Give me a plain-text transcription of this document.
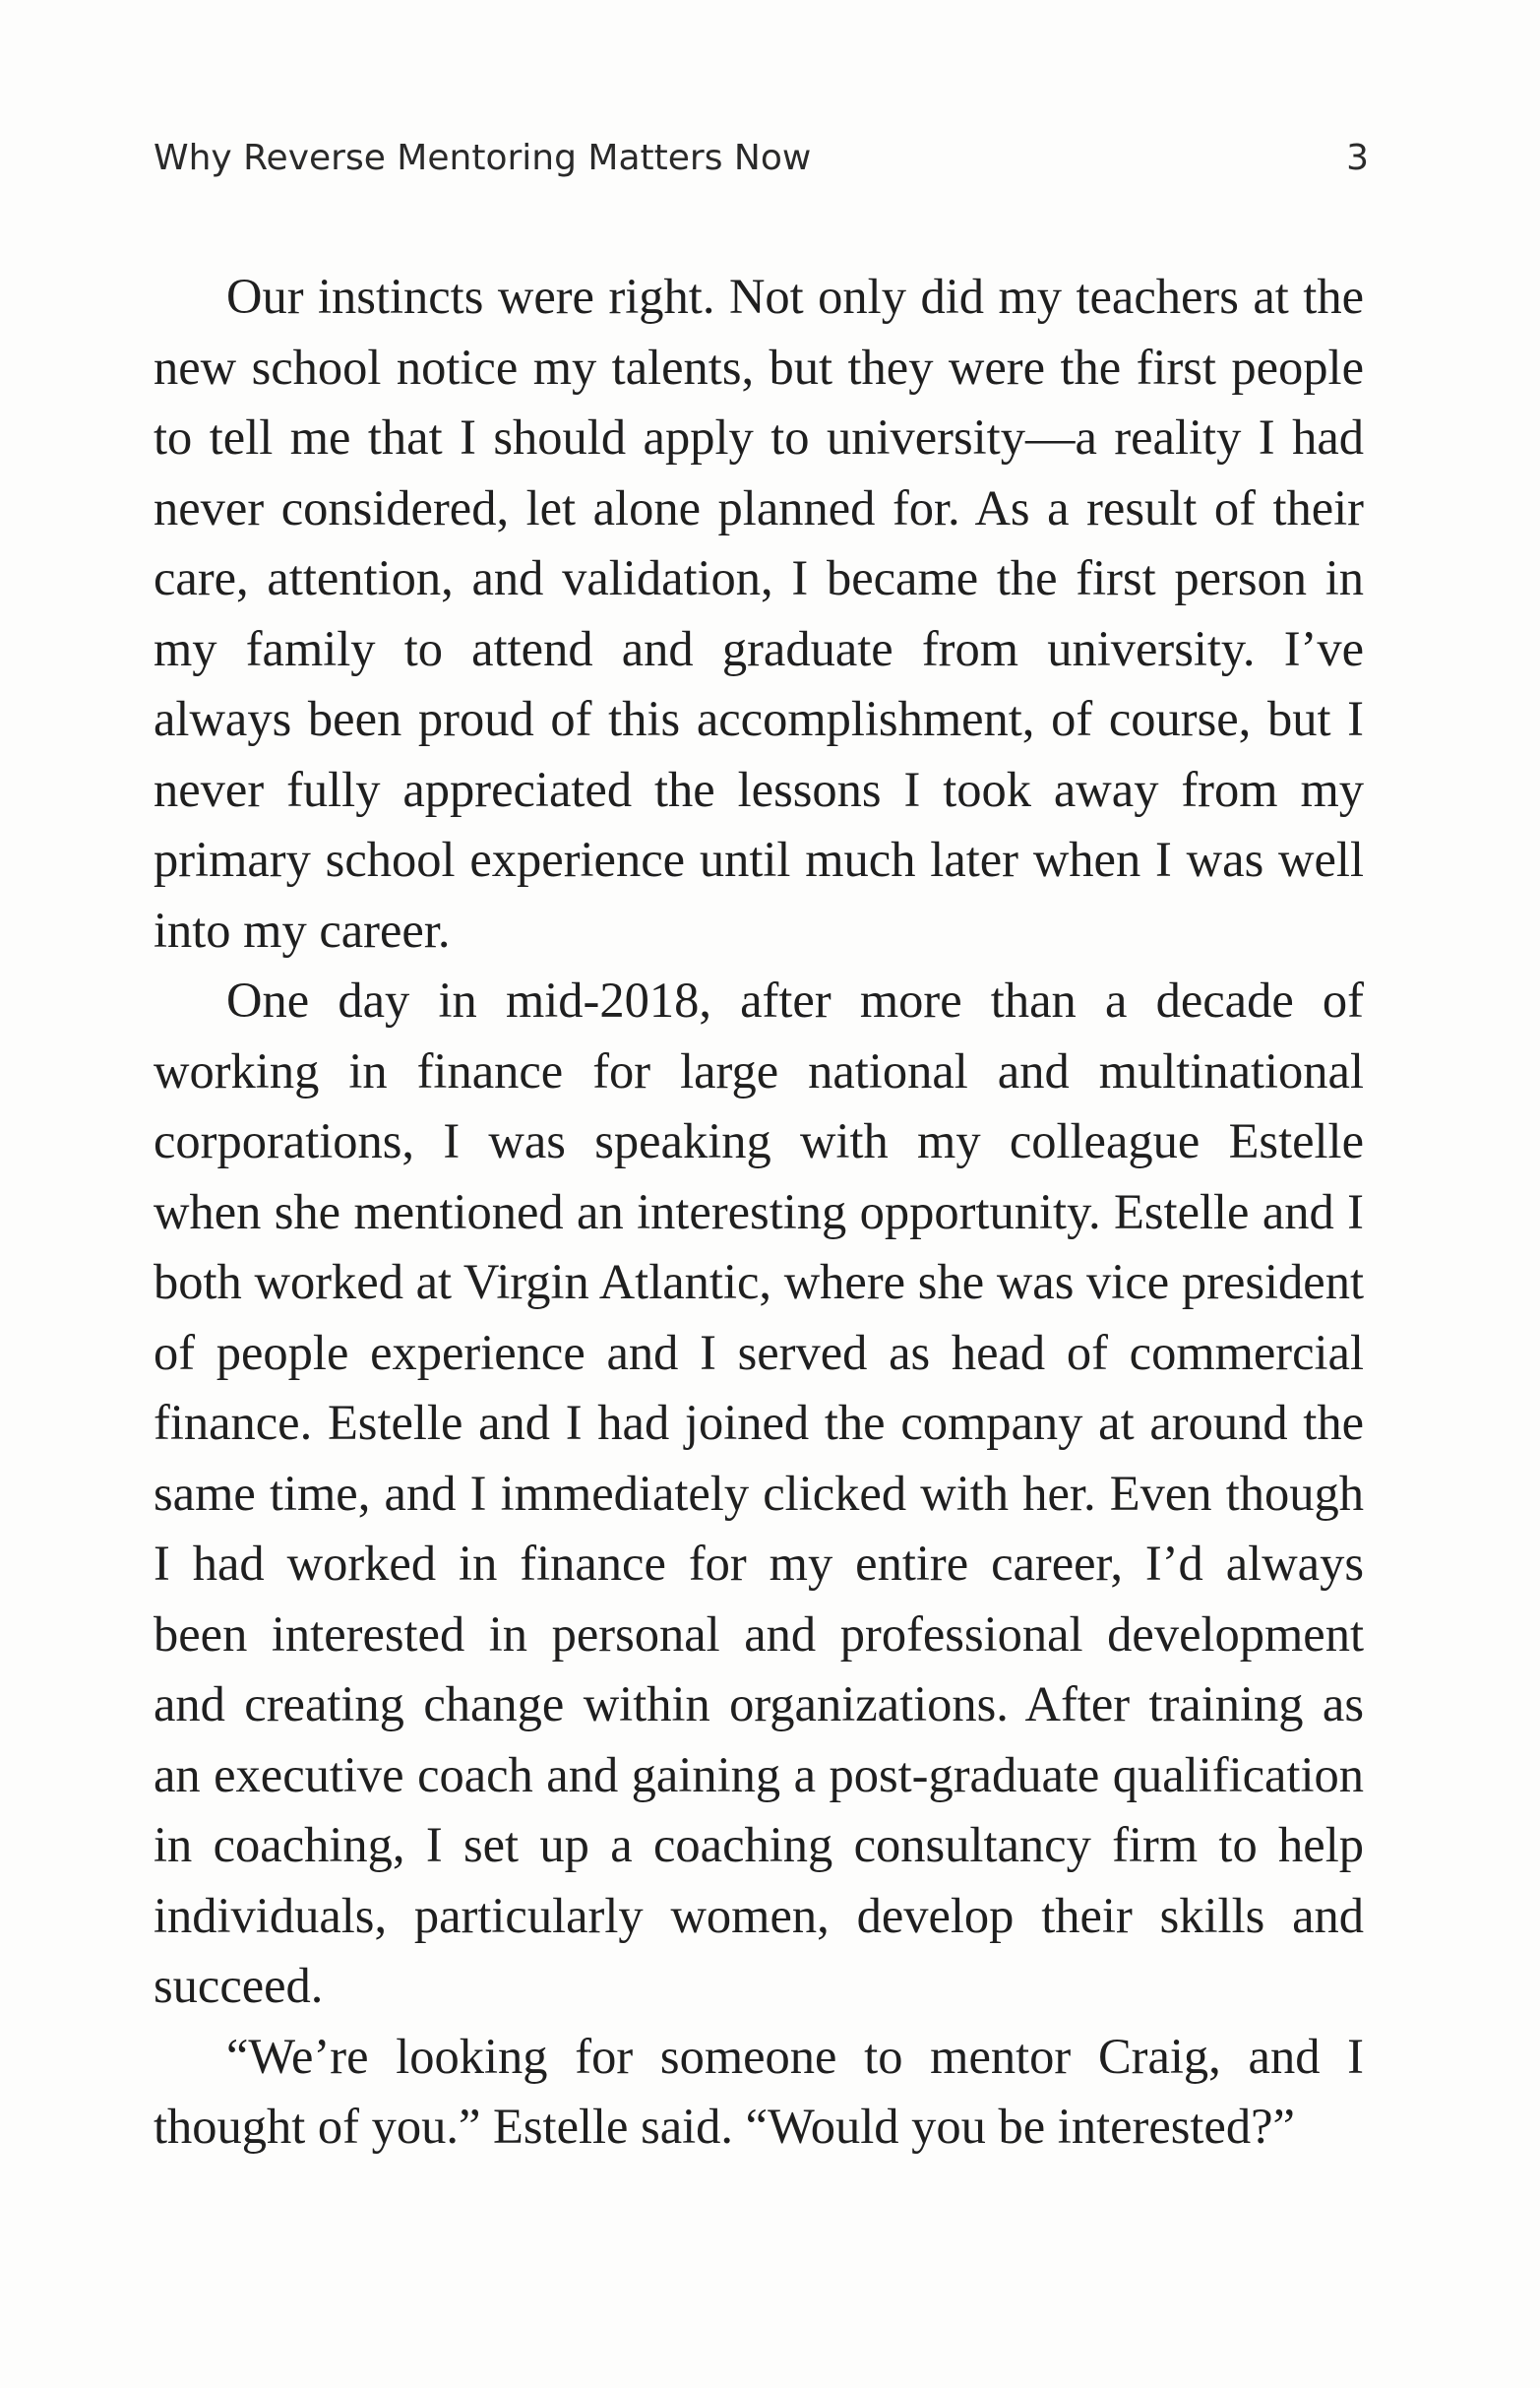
Why Reverse Mentoring Matters Now	3

Our instincts were right. Not only did my teachers at the new school notice my talents, but they were the first people to tell me that I should apply to university—a reality I had never considered, let alone planned for. As a result of their care, attention, and validation, I became the first person in my family to attend and graduate from university. I’ve always been proud of this accomplishment, of course, but I never fully appreciated the lessons I took away from my primary school experience until much later when I was well into my career.

One day in mid-2018, after more than a decade of working in finance for large national and multinational corporations, I was speaking with my colleague Estelle when she mentioned an interesting opportunity. Estelle and I both worked at Virgin Atlantic, where she was vice president of people experience and I served as head of commercial finance. Estelle and I had joined the company at around the same time, and I immediately clicked with her. Even though I had worked in finance for my entire career, I’d always been interested in personal and professional development and creating change within organizations. After training as an executive coach and gaining a post-graduate qualification in coaching, I set up a coaching consultancy firm to help individuals, particularly women, develop their skills and succeed.

“We’re looking for someone to mentor Craig, and I thought of you.” Estelle said. “Would you be interested?”
